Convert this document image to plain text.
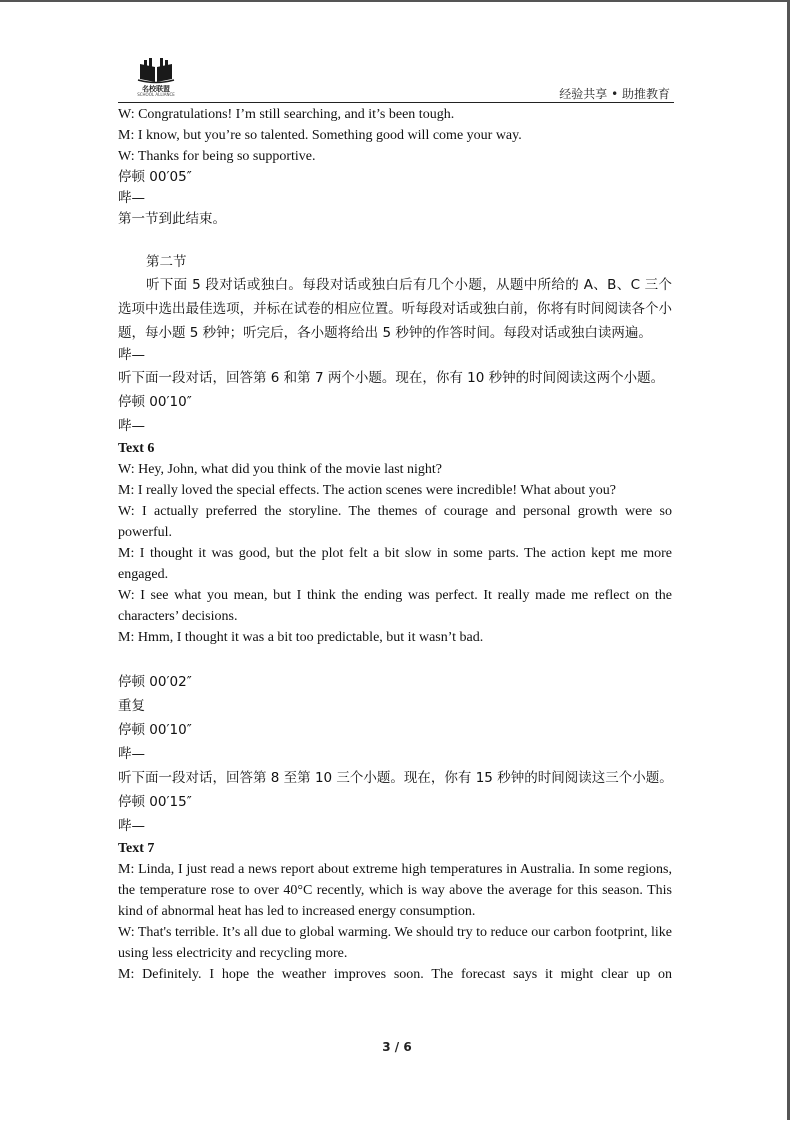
名校联盟
SCHOOL ALLIANCE	经验共享 • 助推教育
W: Congratulations! I’m still searching, and it’s been tough.
M: I know, but you’re so talented. Something good will come your way.
W: Thanks for being so supportive.
停顿 00′05″
哔—
第一节到此结束。
第二节
听下面 5 段对话或独白。每段对话或独白后有几个小题，从题中所给的 A、B、C 三个选项中选出最佳选项，并标在试卷的相应位置。听每段对话或独白前，你将有时间阅读各个小题，每小题 5 秒钟；听完后，各小题将给出 5 秒钟的作答时间。每段对话或独白读两遍。
哔—
听下面一段对话，回答第 6 和第 7 两个小题。现在，你有 10 秒钟的时间阅读这两个小题。
停顿 00′10″
哔—
Text 6
W: Hey, John, what did you think of the movie last night?
M: I really loved the special effects. The action scenes were incredible! What about you?
W: I actually preferred the storyline. The themes of courage and personal growth were so powerful.
M: I thought it was good, but the plot felt a bit slow in some parts. The action kept me more engaged.
W: I see what you mean, but I think the ending was perfect. It really made me reflect on the characters’ decisions.
M: Hmm, I thought it was a bit too predictable, but it wasn’t bad.
停顿 00′02″
重复
停顿 00′10″
哔—
听下面一段对话，回答第 8 至第 10 三个小题。现在，你有 15 秒钟的时间阅读这三个小题。
停顿 00′15″
哔—
Text 7
M: Linda, I just read a news report about extreme high temperatures in Australia. In some regions, the temperature rose to over 40°C recently, which is way above the average for this season. This kind of abnormal heat has led to increased energy consumption.
W: That's terrible. It’s all due to global warming. We should try to reduce our carbon footprint, like using less electricity and recycling more.
M: Definitely. I hope the weather improves soon. The forecast says it might clear up on
3 / 6
